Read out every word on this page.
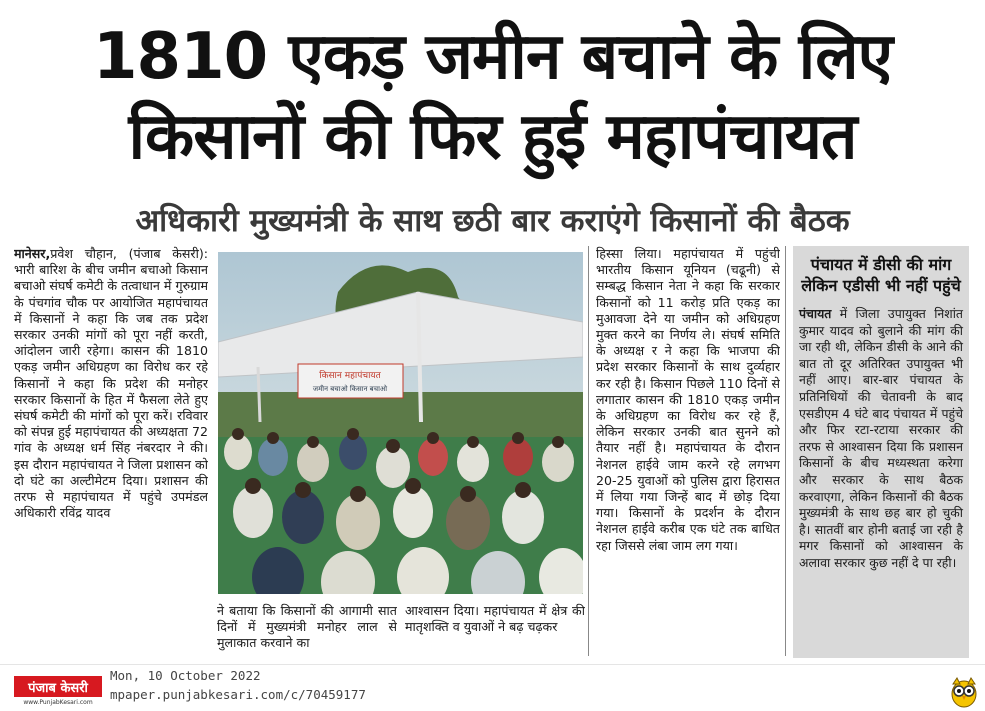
1810 एकड़ जमीन बचाने के लिए
किसानों की फिर हुई महापंचायत
अधिकारी मुख्यमंत्री के साथ छठी बार कराएंगे किसानों की बैठक
मानेसर,प्रवेश चौहान, (पंजाब केसरी): भारी बारिश के बीच जमीन बचाओ किसान बचाओ संघर्ष कमेटी के तत्वाधान में गुरुग्राम के पंचगांव चौक पर आयोजित महापंचायत में किसानों ने कहा कि जब तक प्रदेश सरकार उनकी मांगों को पूरा नहीं करती, आंदोलन जारी रहेगा। कासन की 1810 एकड़ जमीन अधिग्रहण का विरोध कर रहे किसानों ने कहा कि प्रदेश की मनोहर सरकार किसानों के हित में फैसला लेते हुए संघर्ष कमेटी की मांगों को पूरा करें। रविवार को संपन्न हुई महापंचायत की अध्यक्षता 72 गांव के अध्यक्ष धर्म सिंह नंबरदार ने की। इस दौरान महापंचायत ने जिला प्रशासन को दो घंटे का अल्टीमेटम दिया। प्रशासन की तरफ से महापंचायत में पहुंचे उपमंडल अधिकारी रविंद्र यादव
किसान महापंचायत
जमीन बचाओ किसान बचाओ
ने बताया कि किसानों की आगामी सात दिनों में मुख्यमंत्री मनोहर लाल से मुलाकात करवाने का
आश्वासन दिया। महापंचायत में क्षेत्र की मातृशक्ति व युवाओं ने बढ़ चढ़कर
हिस्सा लिया। महापंचायत में पहुंची भारतीय किसान यूनियन (चढूनी) से सम्बद्ध किसान नेता ने कहा कि सरकार किसानों को 11 करोड़ प्रति एकड़ का मुआवजा देने या जमीन को अधिग्रहण मुक्त करने का निर्णय ले। संघर्ष समिति के अध्यक्ष र ने कहा कि भाजपा की प्रदेश सरकार किसानों के साथ दुर्व्यहार कर रही है। किसान पिछले 110 दिनों से लगातार कासन की 1810 एकड़ जमीन के अधिग्रहण का विरोध कर रहे हैं, लेकिन सरकार उनकी बात सुनने को तैयार नहीं है। महापंचायत के दौरान नेशनल हाईवे जाम करने रहे लगभग 20-25 युवाओं को पुलिस द्वारा हिरासत में लिया गया जिन्हें बाद में छोड़ दिया गया। किसानों के प्रदर्शन के दौरान नेशनल हाईवे करीब एक घंटे तक बाधित रहा जिससे लंबा जाम लग गया।
पंचायत में डीसी की मांग लेकिन एडीसी भी नहीं पहुंचे
पंचायत में जिला उपायुक्त निशांत कुमार यादव को बुलाने की मांग की जा रही थी, लेकिन डीसी के आने की बात तो दूर अतिरिक्त उपायुक्त भी नहीं आए। बार-बार पंचायत के प्रतिनिधियों की चेतावनी के बाद एसडीएम 4 घंटे बाद पंचायत में पहुंचे और फिर रटा-रटाया सरकार की तरफ से आश्वासन दिया कि प्रशासन किसानों के बीच मध्यस्थता करेगा और सरकार के साथ बैठक करवाएगा, लेकिन किसानों की बैठक मुख्यमंत्री के साथ छह बार हो चुकी है। सातवीं बार होनी बताई जा रही है मगर किसानों को आश्वासन के अलावा सरकार कुछ नहीं दे पा रही।
पंजाब केसरी
www.PunjabKesari.com
Mon, 10 October 2022
mpaper.punjabkesari.com/c/70459177
